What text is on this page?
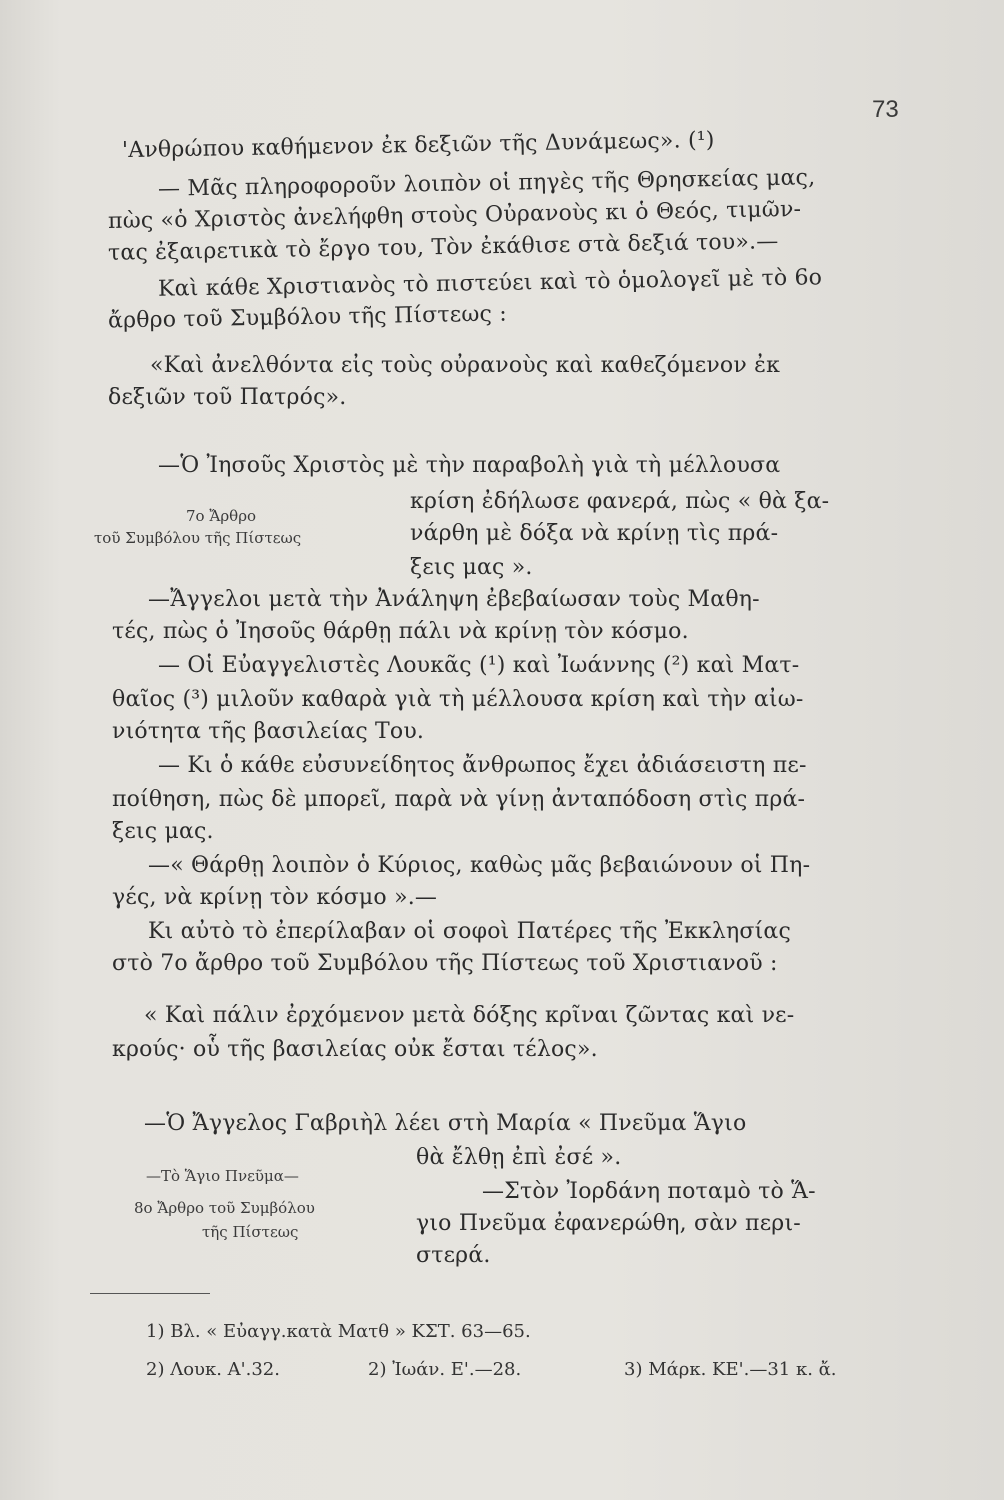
73
'Ανθρώπου καθήμενον ἐκ δεξιῶν τῆς Δυνάμεως». (¹)
— Μᾶς πληροφοροῦν λοιπὸν οἱ πηγὲς τῆς Θρησκείας μας,
πὼς «ὁ Χριστὸς ἀνελήφθη στοὺς Οὐρανοὺς κι ὁ Θεός, τιμῶν-
τας ἐξαιρετικὰ τὸ ἔργο του, Τὸν ἐκάθισε στὰ δεξιά του».—
Καὶ κάθε Χριστιανὸς τὸ πιστεύει καὶ τὸ ὁμολογεῖ μὲ τὸ 6ο
ἄρθρο τοῦ Συμβόλου τῆς Πίστεως :
«Καὶ ἀνελθόντα εἰς τοὺς οὐρανοὺς καὶ καθεζόμενον ἐκ
δεξιῶν τοῦ Πατρός».
—Ὁ Ἰησοῦς Χριστὸς μὲ τὴν παραβολὴ γιὰ τὴ μέλλουσα
7ο Ἄρθρο
τοῦ Συμβόλου τῆς Πίστεως
κρίση ἐδήλωσε φανερά, πὼς « θὰ ξα-
νάρθη μὲ δόξα νὰ κρίνῃ τὶς πρά-
ξεις μας ».
—Ἄγγελοι μετὰ τὴν Ἀνάληψη ἐβεβαίωσαν τοὺς Μαθη-
τές, πὼς ὁ Ἰησοῦς θάρθῃ πάλι νὰ κρίνῃ τὸν κόσμο.
— Οἱ Εὐαγγελιστὲς Λουκᾶς (¹) καὶ Ἰωάννης (²) καὶ Ματ-
θαῖος (³) μιλοῦν καθαρὰ γιὰ τὴ μέλλουσα κρίση καὶ τὴν αἰω-
νιότητα τῆς βασιλείας Του.
— Κι ὁ κάθε εὐσυνείδητος ἄνθρωπος ἔχει ἀδιάσειστη πε-
ποίθηση, πὼς δὲ μπορεῖ, παρὰ νὰ γίνῃ ἀνταπόδοση στὶς πρά-
ξεις μας.
—« Θάρθῃ λοιπὸν ὁ Κύριος, καθὼς μᾶς βεβαιώνουν οἱ Πη-
γές, νὰ κρίνῃ τὸν κόσμο ».—
Κι αὐτὸ τὸ ἐπερίλαβαν οἱ σοφοὶ Πατέρες τῆς Ἐκκλησίας
στὸ 7ο ἄρθρο τοῦ Συμβόλου τῆς Πίστεως τοῦ Χριστιανοῦ :
« Καὶ πάλιν ἐρχόμενον μετὰ δόξης κρῖναι ζῶντας καὶ νε-
κρούς· οὗ τῆς βασιλείας οὐκ ἔσται τέλος».
—Ὁ Ἄγγελος Γαβριὴλ λέει στὴ Μαρία « Πνεῦμα Ἅγιο
θὰ ἔλθῃ ἐπὶ ἐσέ ».
—Τὸ Ἅγιο Πνεῦμα—
8ο Ἄρθρο τοῦ Συμβόλου
τῆς Πίστεως
—Στὸν Ἰορδάνη ποταμὸ τὸ Ἅ-
γιο Πνεῦμα ἐφανερώθη, σὰν περι-
στερά.
1) Βλ. « Εὐαγγ.κατὰ Ματθ » ΚΣΤ. 63—65.
2) Λουκ. Α'.32.	2) Ἰωάν. Ε'.—28.	3) Μάρκ. ΚΕ'.—31 κ. ἄ.
